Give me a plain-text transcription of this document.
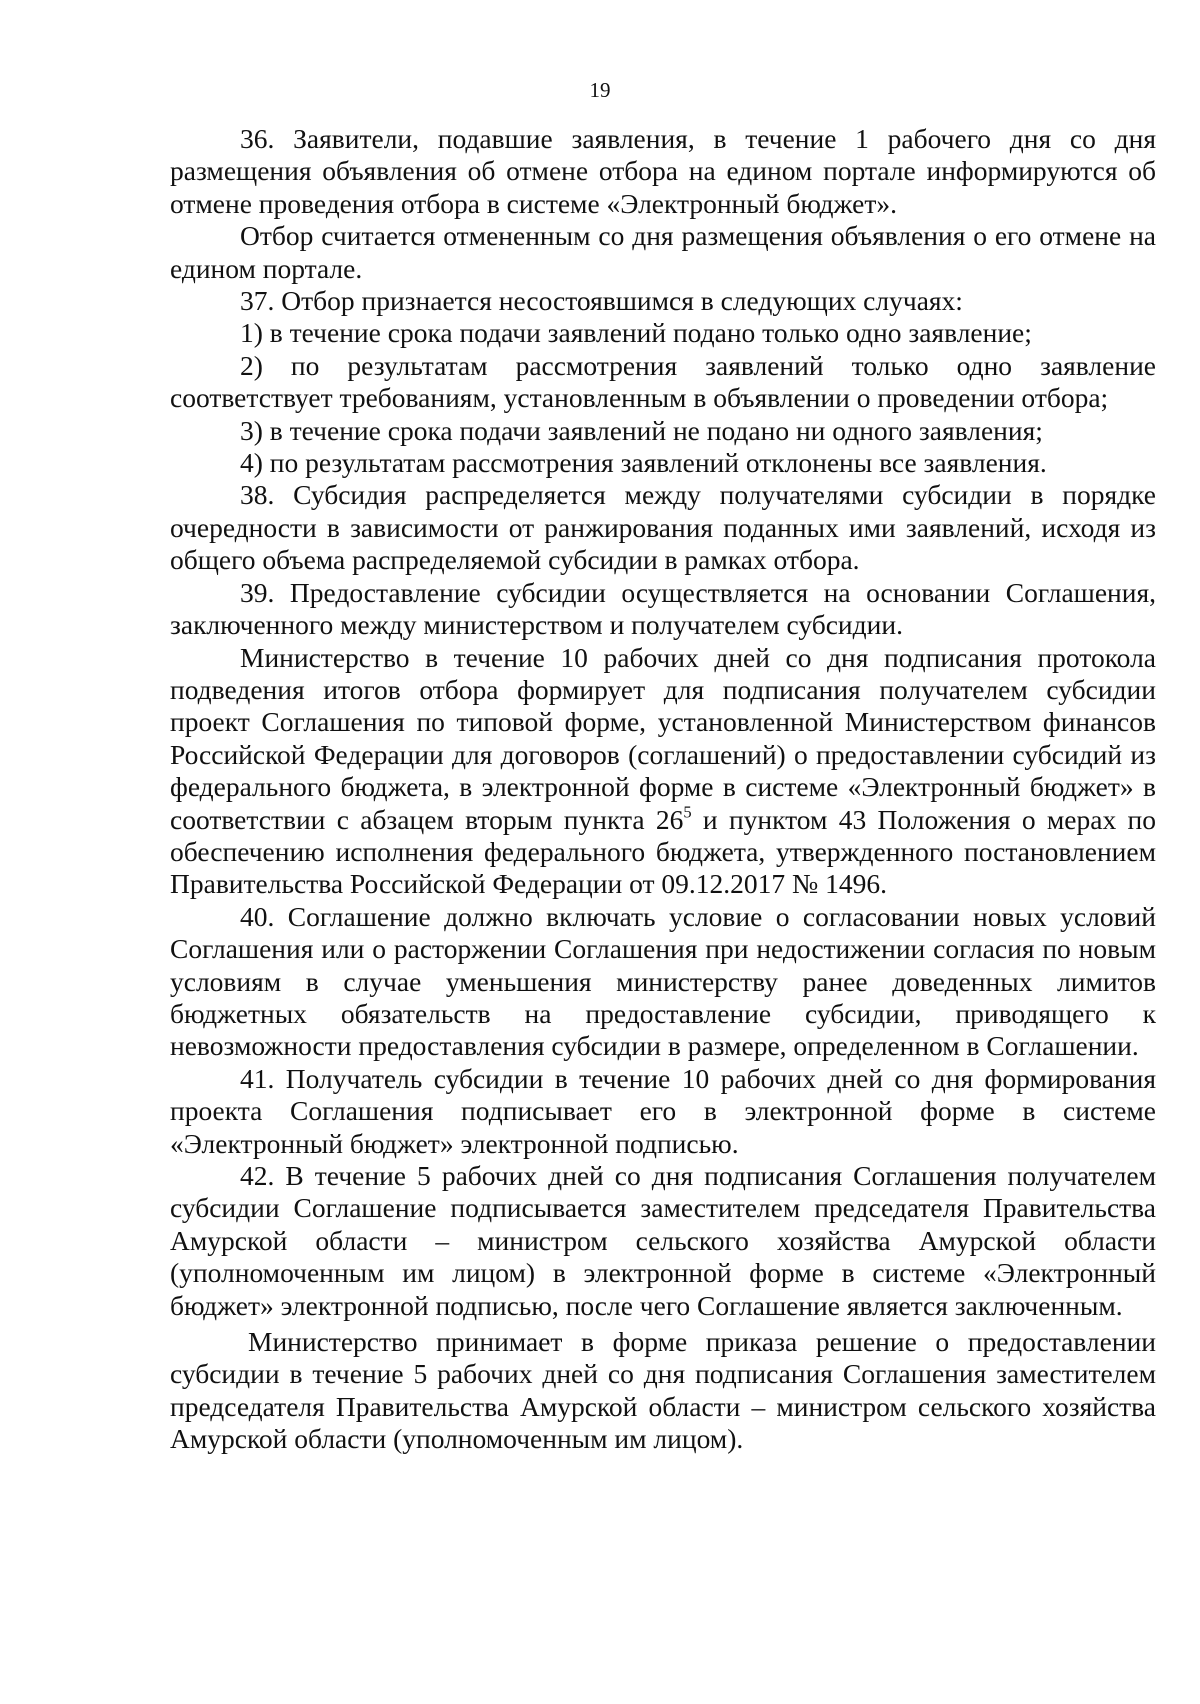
19

36. Заявители, подавшие заявления, в течение 1 рабочего дня со дня размещения объявления об отмене отбора на едином портале информируются об отмене проведения отбора в системе «Электронный бюджет».

Отбор считается отмененным со дня размещения объявления о его отмене на едином портале.

37. Отбор признается несостоявшимся в следующих случаях:

1) в течение срока подачи заявлений подано только одно заявление;

2) по результатам рассмотрения заявлений только одно заявление соответствует требованиям, установленным в объявлении о проведении отбора;

3) в течение срока подачи заявлений не подано ни одного заявления;

4) по результатам рассмотрения заявлений отклонены все заявления.

38. Субсидия распределяется между получателями субсидии в порядке очередности в зависимости от ранжирования поданных ими заявлений, исходя из общего объема распределяемой субсидии в рамках отбора.

39. Предоставление субсидии осуществляется на основании Соглашения, заключенного между министерством и получателем субсидии.

Министерство в течение 10 рабочих дней со дня подписания протокола подведения итогов отбора формирует для подписания получателем субсидии проект Соглашения по типовой форме, установленной Министерством финансов Российской Федерации для договоров (соглашений) о предоставлении субсидий из федерального бюджета, в электронной форме в системе «Электронный бюджет» в соответствии с абзацем вторым пункта $26^5$ и пунктом 43 Положения о мерах по обеспечению исполнения федерального бюджета, утвержденного постановлением Правительства Российской Федерации от 09.12.2017 № 1496.

40. Соглашение должно включать условие о согласовании новых условий Соглашения или о расторжении Соглашения при недостижении согласия по новым условиям в случае уменьшения министерству ранее доведенных лимитов бюджетных обязательств на предоставление субсидии, приводящего к невозможности предоставления субсидии в размере, определенном в Соглашении.

41. Получатель субсидии в течение 10 рабочих дней со дня формирования проекта Соглашения подписывает его в электронной форме в системе «Электронный бюджет» электронной подписью.

42. В течение 5 рабочих дней со дня подписания Соглашения получателем субсидии Соглашение подписывается заместителем председателя Правительства Амурской области – министром сельского хозяйства Амурской области (уполномоченным им лицом) в электронной форме в системе «Электронный бюджет» электронной подписью, после чего Соглашение является заключенным.

Министерство принимает в форме приказа решение о предоставлении субсидии в течение 5 рабочих дней со дня подписания Соглашения заместителем председателя Правительства Амурской области – министром сельского хозяйства Амурской области (уполномоченным им лицом).
